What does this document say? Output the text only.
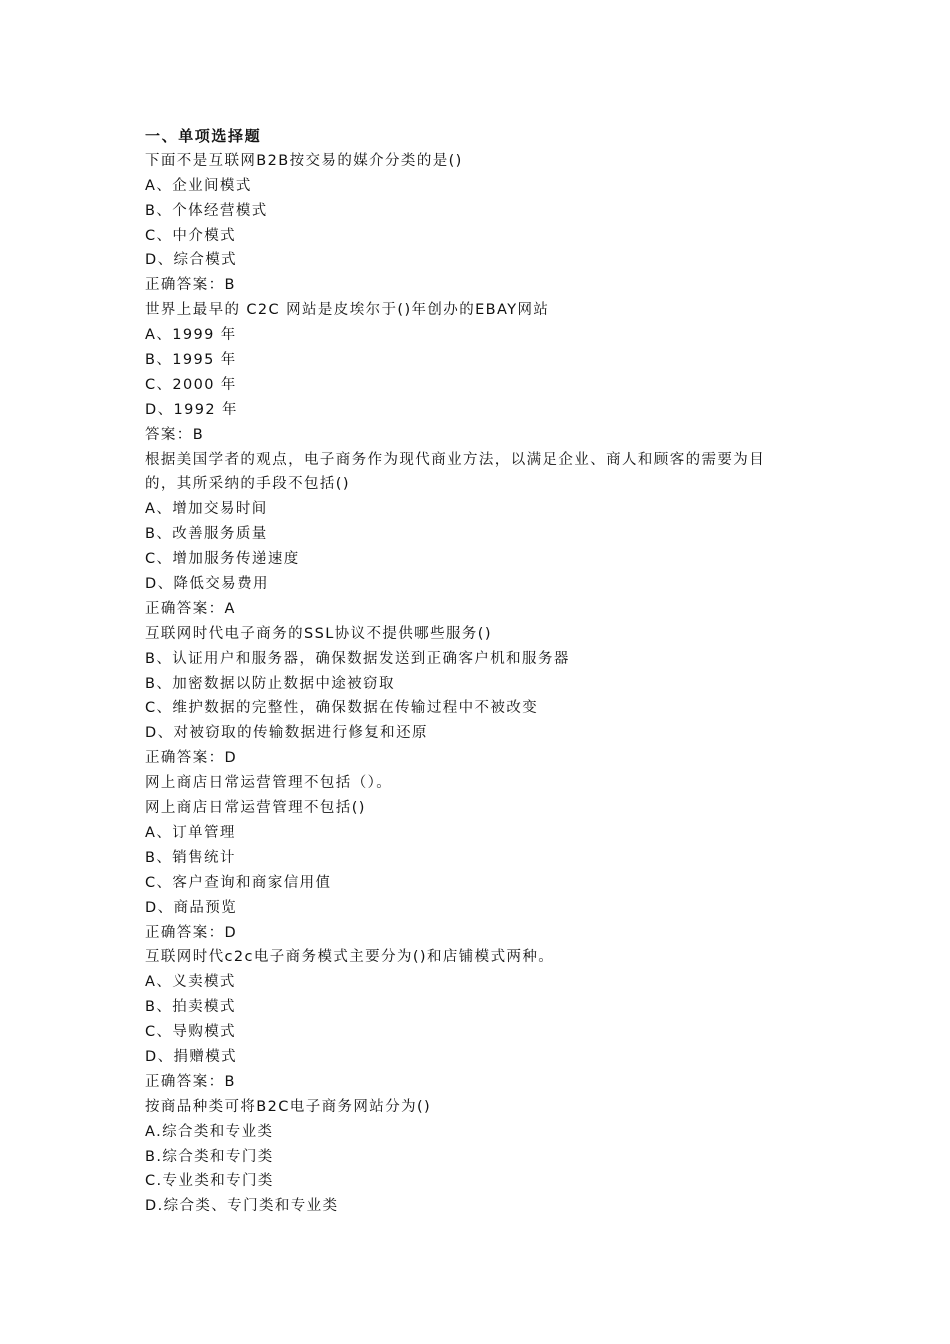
一、单项选择题
下面不是互联网B2B按交易的媒介分类的是()
A、企业间模式
B、个体经营模式
C、中介模式
D、综合模式
正确答案：B
世界上最早的 C2C 网站是皮埃尔于()年创办的EBAY网站
A、1999 年
B、1995 年
C、2000 年
D、1992 年
答案：B
根据美国学者的观点，电子商务作为现代商业方法，以满足企业、商人和顾客的需要为目
的，其所采纳的手段不包括()
A、增加交易时间
B、改善服务质量
C、增加服务传递速度
D、降低交易费用
正确答案：A
互联网时代电子商务的SSL协议不提供哪些服务()
B、认证用户和服务器，确保数据发送到正确客户机和服务器
B、加密数据以防止数据中途被窃取
C、维护数据的完整性，确保数据在传输过程中不被改变
D、对被窃取的传输数据进行修复和还原
正确答案：D
网上商店日常运营管理不包括（）。
网上商店日常运营管理不包括()
A、订单管理
B、销售统计
C、客户查询和商家信用值
D、商品预览
正确答案：D
互联网时代c2c电子商务模式主要分为()和店铺模式两种。
A、义卖模式
B、拍卖模式
C、导购模式
D、捐赠模式
正确答案：B
按商品种类可将B2C电子商务网站分为()
A.综合类和专业类
B.综合类和专门类
C.专业类和专门类
D.综合类、专门类和专业类
